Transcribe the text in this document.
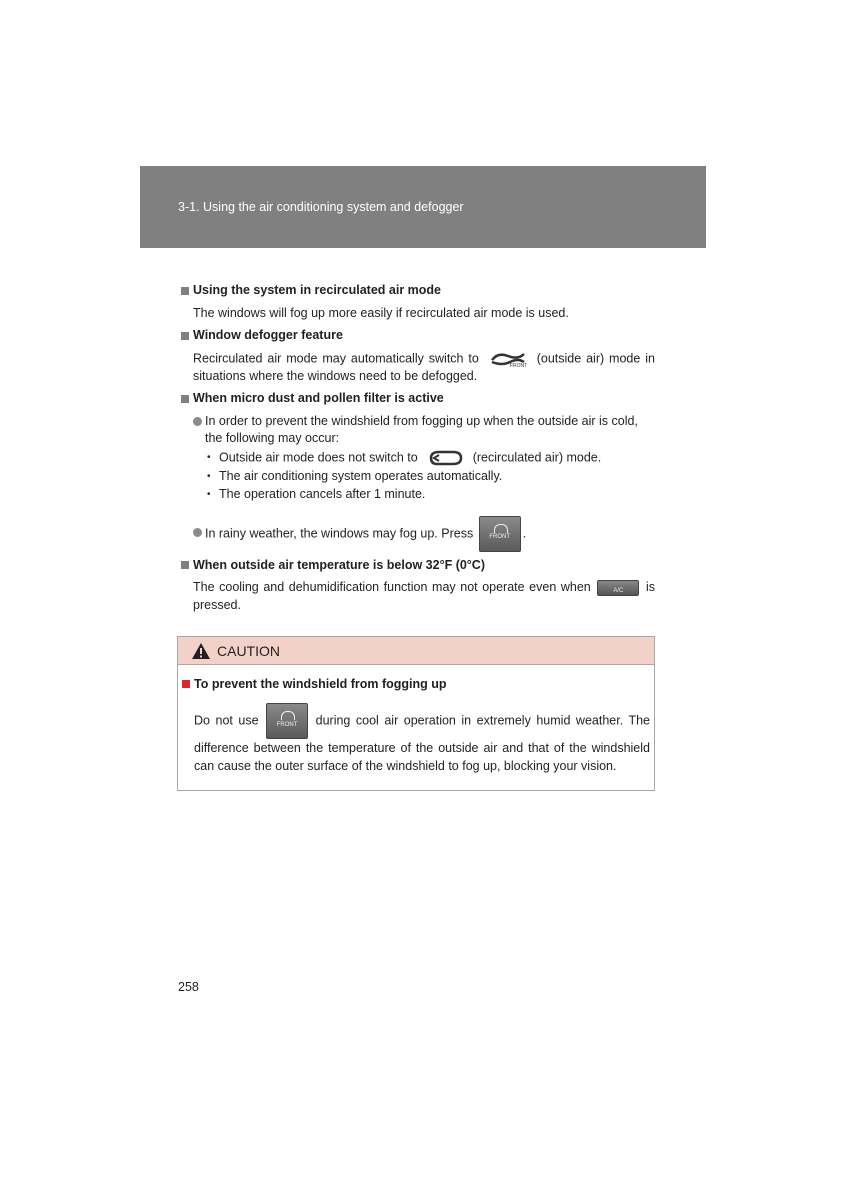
3-1. Using the air conditioning system and defogger
Using the system in recirculated air mode
The windows will fog up more easily if recirculated air mode is used.
Window defogger feature
Recirculated air mode may automatically switch to
FRONT
(outside air) mode in situations where the windows need to be defogged.
When micro dust and pollen filter is active
In order to prevent the windshield from fogging up when the outside air is cold, the following may occur:
• Outside air mode does not switch to	(recirculated air) mode.
• The air conditioning system operates automatically.
• The operation cancels after 1 minute.
In rainy weather, the windows may fog up. Press	FRONT	.
When outside air temperature is below 32°F (0°C)
The cooling and dehumidification function may not operate even when	A/C	is pressed.
CAUTION
To prevent the windshield from fogging up
Do not use	FRONT	during cool air operation in extremely humid weather. The difference between the temperature of the outside air and that of the windshield can cause the outer surface of the windshield to fog up, blocking your vision.
258
